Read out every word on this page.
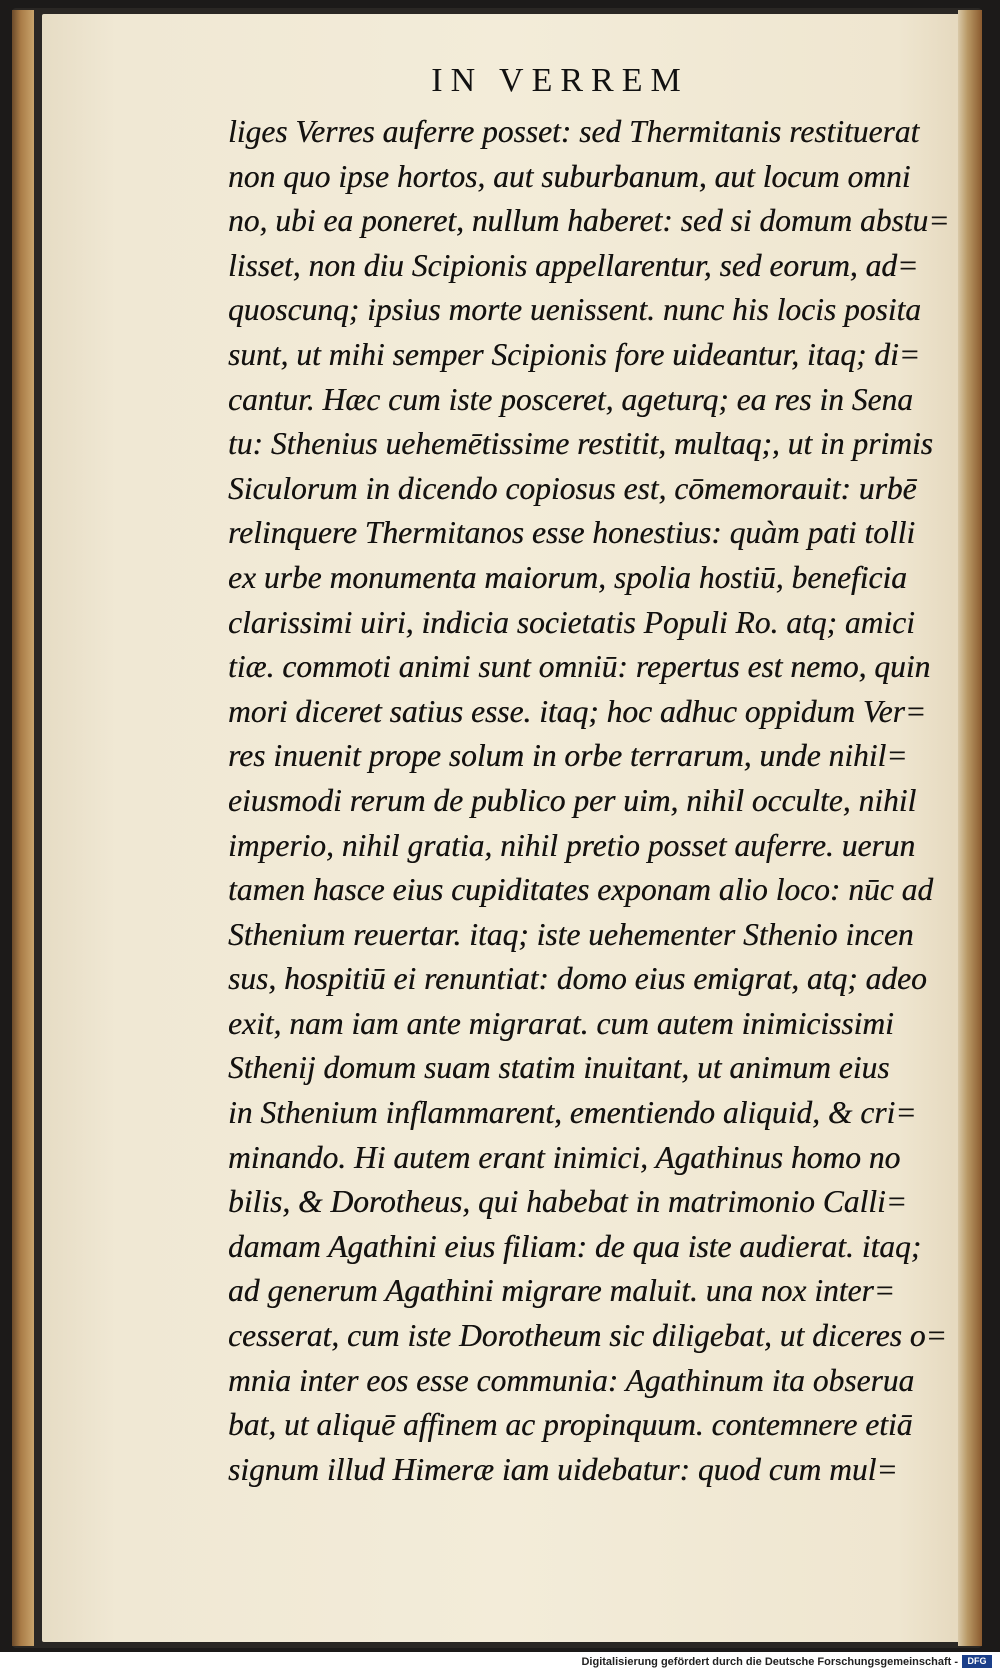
IN VERREM
liges Verres auferre posset: sed Thermitanis restituerat
non quo ipse hortos, aut suburbanum, aut locum omni
no, ubi ea poneret, nullum haberet: sed si domum abstu=
lisset, non diu Scipionis appellarentur, sed eorum, ad=
quoscunq; ipsius morte uenissent. nunc his locis posita
sunt, ut mihi semper Scipionis fore uideantur, itaq; di=
cantur. Hæc cum iste posceret, ageturq; ea res in Sena
tu: Sthenius uehemētissime restitit, multaq;, ut in primis
Siculorum in dicendo copiosus est, cōmemorauit: urbē
relinquere Thermitanos esse honestius: quàm pati tolli
ex urbe monumenta maiorum, spolia hostiū, beneficia
clarissimi uiri, indicia societatis Populi Ro. atq; amici
tiæ. commoti animi sunt omniū: repertus est nemo, quin
mori diceret satius esse. itaq; hoc adhuc oppidum Ver=
res inuenit prope solum in orbe terrarum, unde nihil=
eiusmodi rerum de publico per uim, nihil occulte, nihil
imperio, nihil gratia, nihil pretio posset auferre. uerun
tamen hasce eius cupiditates exponam alio loco: nūc ad
Sthenium reuertar. itaq; iste uehementer Sthenio incen
sus, hospitiū ei renuntiat: domo eius emigrat, atq; adeo
exit, nam iam ante migrarat. cum autem inimicissimi
Sthenij domum suam statim inuitant, ut animum eius
in Sthenium inflammarent, ementiendo aliquid, & cri=
minando. Hi autem erant inimici, Agathinus homo no
bilis, & Dorotheus, qui habebat in matrimonio Calli=
damam Agathini eius filiam: de qua iste audierat. itaq;
ad generum Agathini migrare maluit. una nox inter=
cesserat, cum iste Dorotheum sic diligebat, ut diceres o=
mnia inter eos esse communia: Agathinum ita obserua
bat, ut aliquē affinem ac propinquum. contemnere etiā
signum illud Himeræ iam uidebatur: quod cum mul=
Digitalisierung gefördert durch die Deutsche Forschungsgemeinschaft -	DFG
